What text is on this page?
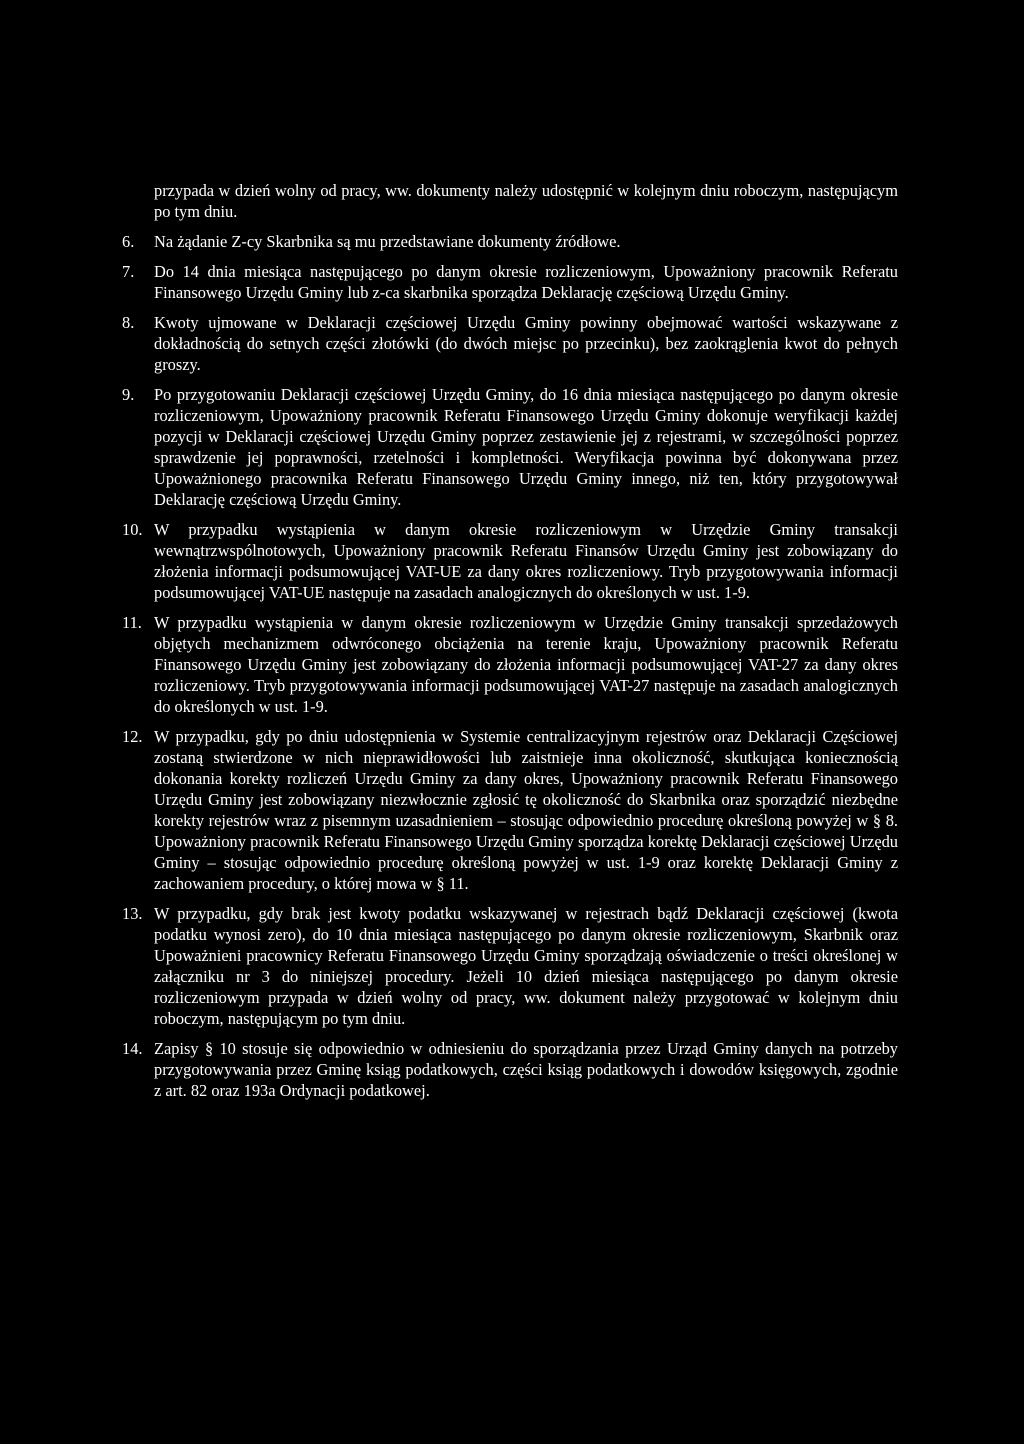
przypada w dzień wolny od pracy, ww. dokumenty należy udostępnić w kolejnym dniu roboczym, następującym po tym dniu.
6.	Na żądanie Z-cy Skarbnika są mu przedstawiane dokumenty źródłowe.
7.	Do 14 dnia miesiąca następującego po danym okresie rozliczeniowym, Upoważniony pracownik Referatu Finansowego Urzędu Gminy lub z-ca skarbnika sporządza Deklarację częściową Urzędu Gminy.
8.	Kwoty ujmowane w Deklaracji częściowej Urzędu Gminy powinny obejmować wartości wskazywane z dokładnością do setnych części złotówki (do dwóch miejsc po przecinku), bez zaokrąglenia kwot do pełnych groszy.
9.	Po przygotowaniu Deklaracji częściowej Urzędu Gminy, do 16 dnia miesiąca następującego po danym okresie rozliczeniowym, Upoważniony pracownik Referatu Finansowego Urzędu Gminy dokonuje weryfikacji każdej pozycji w Deklaracji częściowej Urzędu Gminy poprzez zestawienie jej z rejestrami, w szczególności poprzez sprawdzenie jej poprawności, rzetelności i kompletności. Weryfikacja powinna być dokonywana przez Upoważnionego pracownika Referatu Finansowego Urzędu Gminy innego, niż ten, który przygotowywał Deklarację częściową Urzędu Gminy.
10. W przypadku wystąpienia w danym okresie rozliczeniowym w Urzędzie Gminy transakcji wewnątrzwspólnotowych, Upoważniony pracownik Referatu Finansów Urzędu Gminy jest zobowiązany do złożenia informacji podsumowującej VAT-UE za dany okres rozliczeniowy. Tryb przygotowywania informacji podsumowującej VAT-UE następuje na zasadach analogicznych do określonych w ust. 1-9.
11. W przypadku wystąpienia w danym okresie rozliczeniowym w Urzędzie Gminy transakcji sprzedażowych objętych mechanizmem odwróconego obciążenia na terenie kraju, Upoważniony pracownik Referatu Finansowego Urzędu Gminy jest zobowiązany do złożenia informacji podsumowującej VAT-27 za dany okres rozliczeniowy. Tryb przygotowywania informacji podsumowującej VAT-27 następuje na zasadach analogicznych do określonych w ust. 1-9.
12. W przypadku, gdy po dniu udostępnienia w Systemie centralizacyjnym rejestrów oraz Deklaracji Częściowej zostaną stwierdzone w nich nieprawidłowości lub zaistnieje inna okoliczność, skutkująca koniecznością dokonania korekty rozliczeń Urzędu Gminy za dany okres, Upoważniony pracownik Referatu Finansowego Urzędu Gminy jest zobowiązany niezwłocznie zgłosić tę okoliczność do Skarbnika oraz sporządzić niezbędne korekty rejestrów wraz z pisemnym uzasadnieniem – stosując odpowiednio procedurę określoną powyżej w § 8. Upoważniony pracownik Referatu Finansowego Urzędu Gminy sporządza korektę Deklaracji częściowej Urzędu Gminy – stosując odpowiednio procedurę określoną powyżej w ust. 1-9 oraz korektę Deklaracji Gminy z zachowaniem procedury, o której mowa w § 11.
13. W przypadku, gdy brak jest kwoty podatku wskazywanej w rejestrach bądź Deklaracji częściowej (kwota podatku wynosi zero), do 10 dnia miesiąca następującego po danym okresie rozliczeniowym, Skarbnik oraz Upoważnieni pracownicy Referatu Finansowego Urzędu Gminy sporządzają oświadczenie o treści określonej w załączniku nr 3 do niniejszej procedury. Jeżeli 10 dzień miesiąca następującego po danym okresie rozliczeniowym przypada w dzień wolny od pracy, ww. dokument należy przygotować w kolejnym dniu roboczym, następującym po tym dniu.
14. Zapisy § 10 stosuje się odpowiednio w odniesieniu do sporządzania przez Urząd Gminy danych na potrzeby przygotowywania przez Gminę ksiąg podatkowych, części ksiąg podatkowych i dowodów księgowych, zgodnie z art. 82 oraz 193a Ordynacji podatkowej.
